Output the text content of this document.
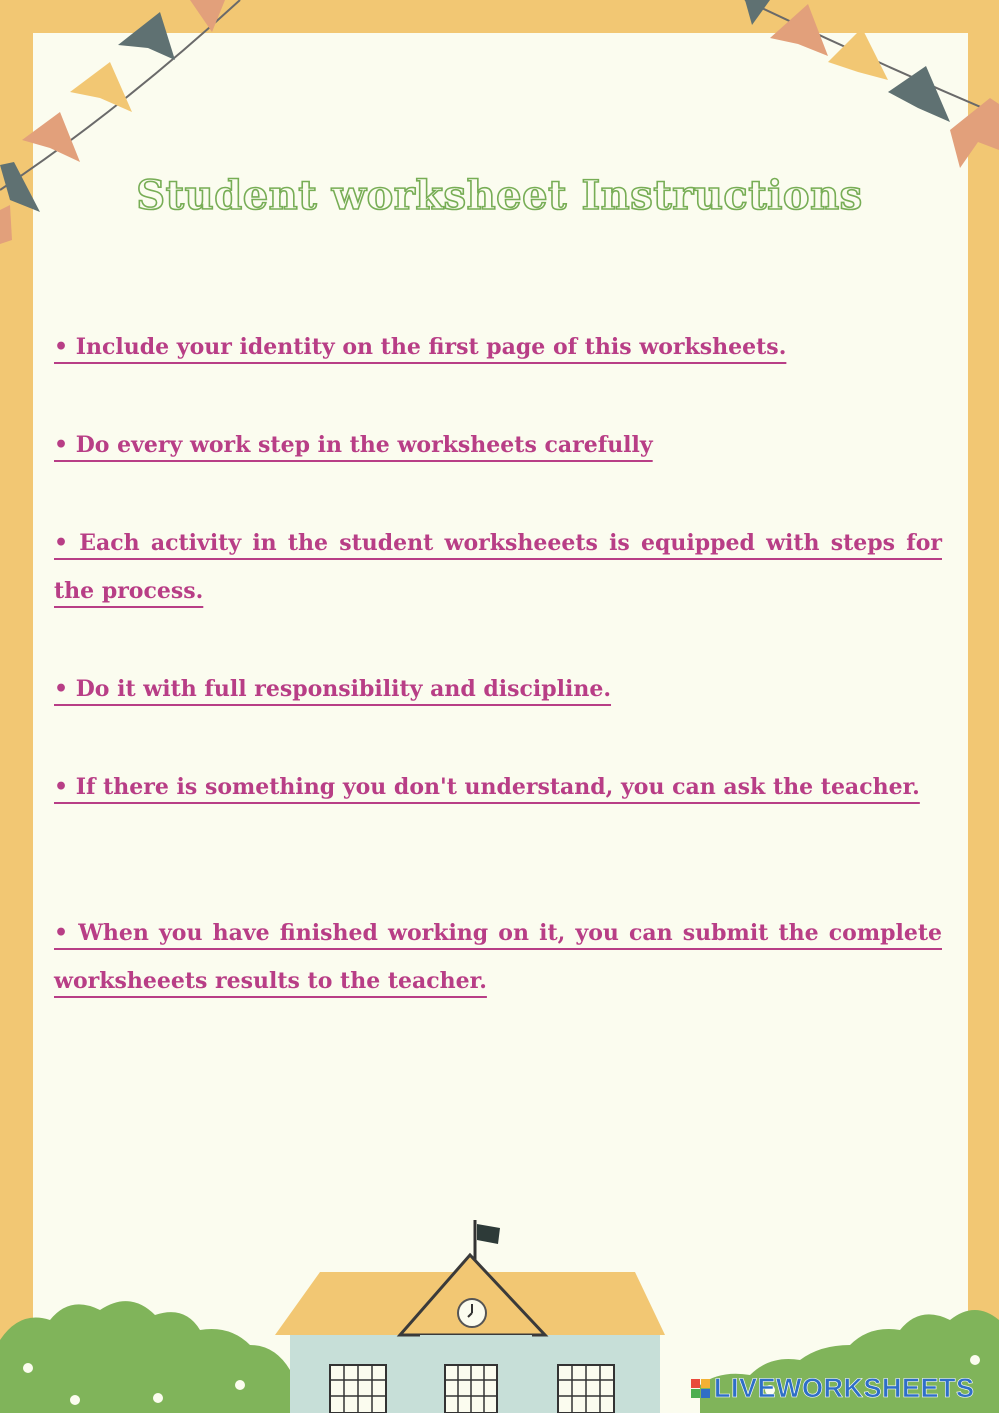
Student worksheet Instructions

• Include your identity on the first page of this worksheets.

• Do every work step in the worksheets carefully

• Each activity in the student worksheeets is equipped with steps for the process.

• Do it with full responsibility and discipline.

• If there is something you don't understand, you can ask the teacher.

• When you have finished working on it, you can submit the complete worksheeets results to the teacher.

LIVEWORKSHEETS
